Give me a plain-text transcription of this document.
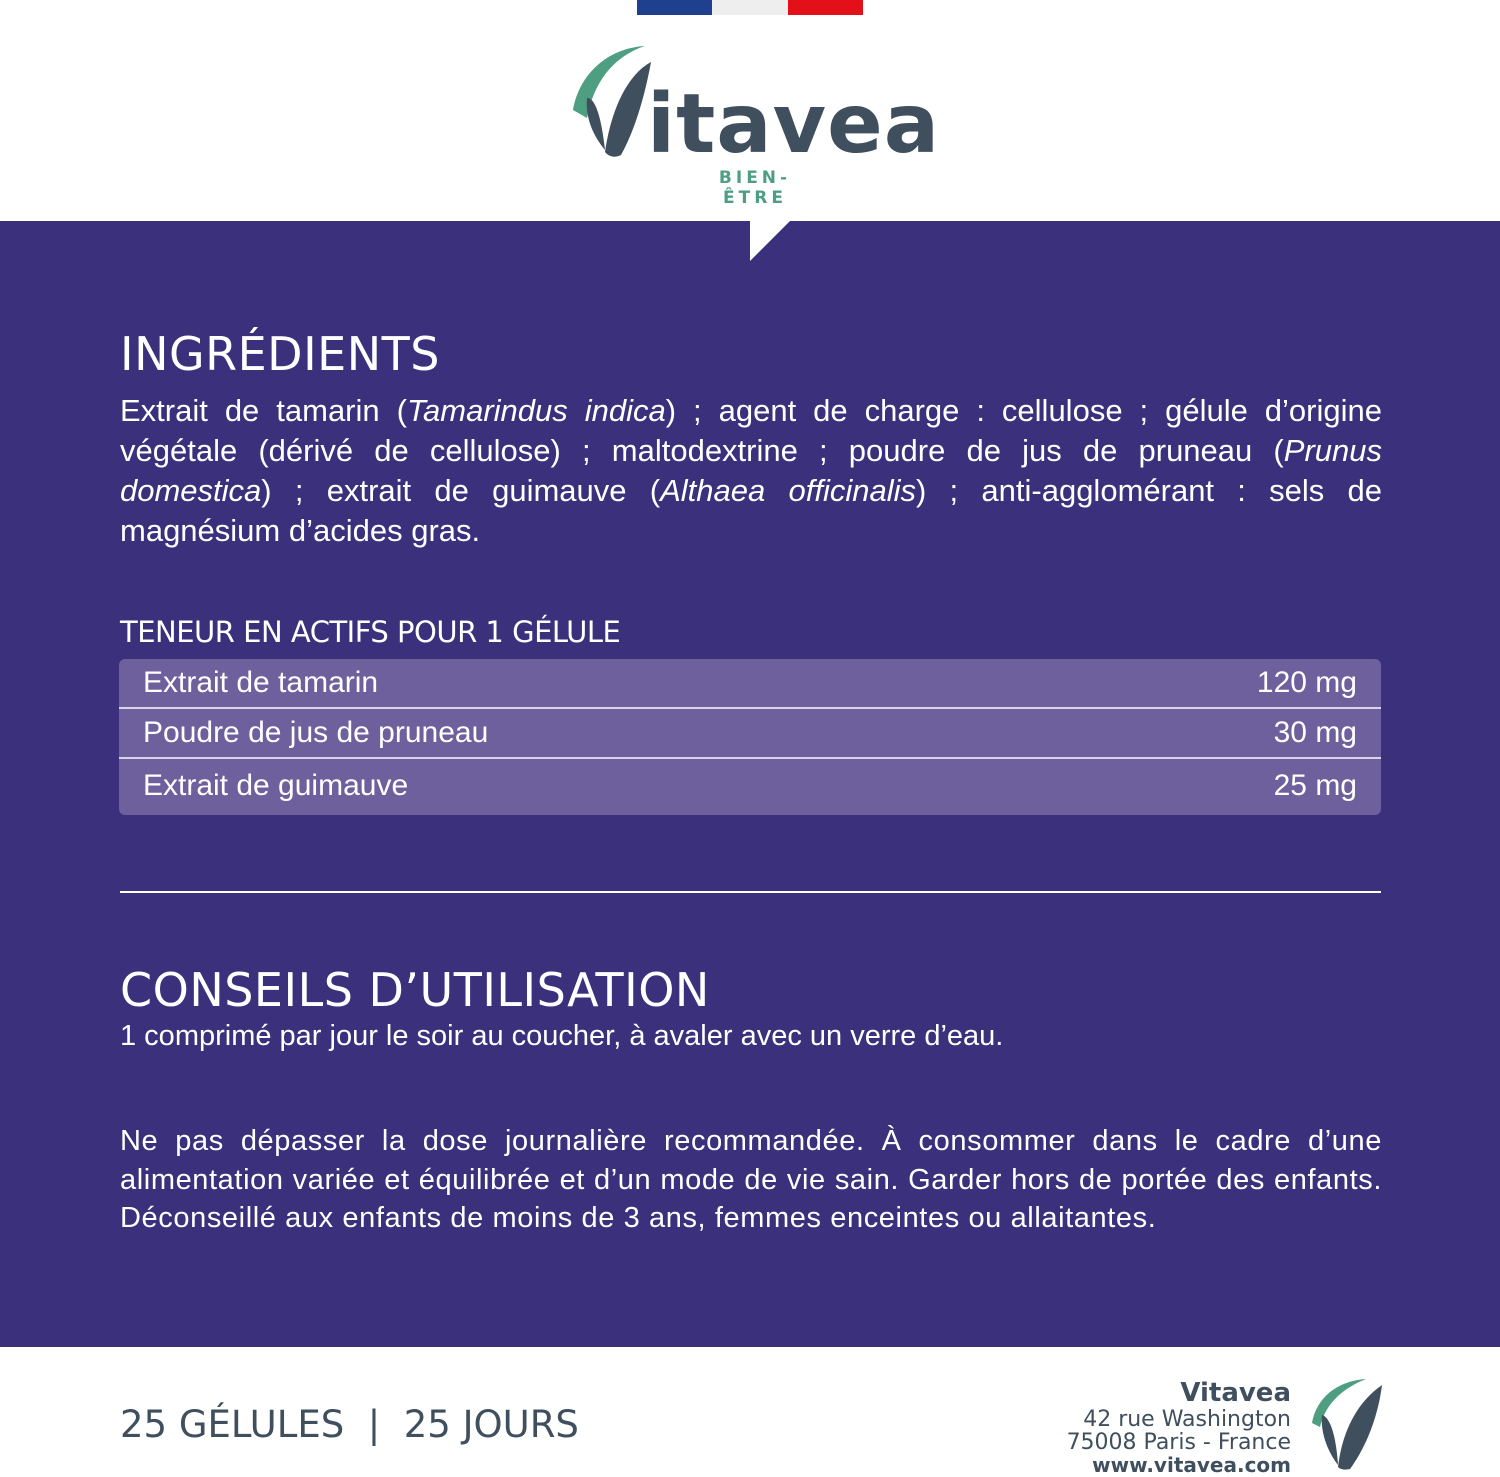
itavea
BIEN-ÊTRE
INGRÉDIENTS
Extrait de tamarin (Tamarindus indica) ; agent de charge : cellulose ; gélule d’origine végétale (dérivé de cellulose) ; maltodextrine ; poudre de jus de pruneau (Prunus domestica) ; extrait de guimauve (Althaea officinalis) ; anti-agglomérant : sels de magnésium d’acides gras.
TENEUR EN ACTIFS POUR 1 GÉLULE
Extrait de tamarin	120 mg
Poudre de jus de pruneau	30 mg
Extrait de guimauve	25 mg
CONSEILS D’UTILISATION
1 comprimé par jour le soir au coucher, à avaler avec un verre d’eau.
Ne pas dépasser la dose journalière recommandée. À consommer dans le cadre d’une alimentation variée et équilibrée et d’un mode de vie sain. Garder hors de portée des enfants. Déconseillé aux enfants de moins de 3 ans, femmes enceintes ou allaitantes.
25 GÉLULES  |  25 JOURS
Vitavea
42 rue Washington
75008 Paris - France
www.vitavea.com
